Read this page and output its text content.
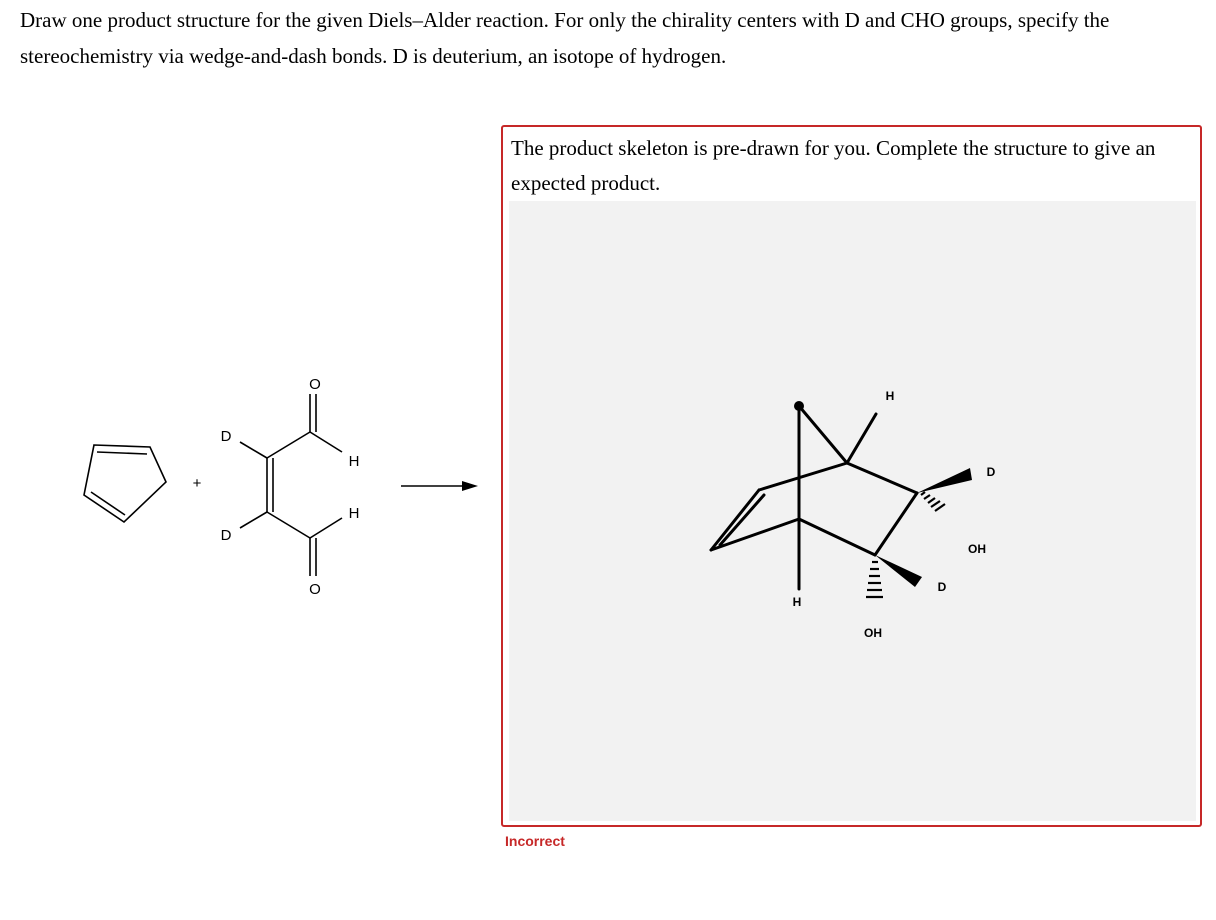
Draw one product structure for the given Diels–Alder reaction. For only the chirality centers with D and CHO groups, specify the stereochemistry via wedge-and-dash bonds. D is deuterium, an isotope of hydrogen.

+
O
O
D
D
H
H

The product skeleton is pre-drawn for you. Complete the structure to give an expected product.

H
H
D
D
OH
OH
Incorrect
